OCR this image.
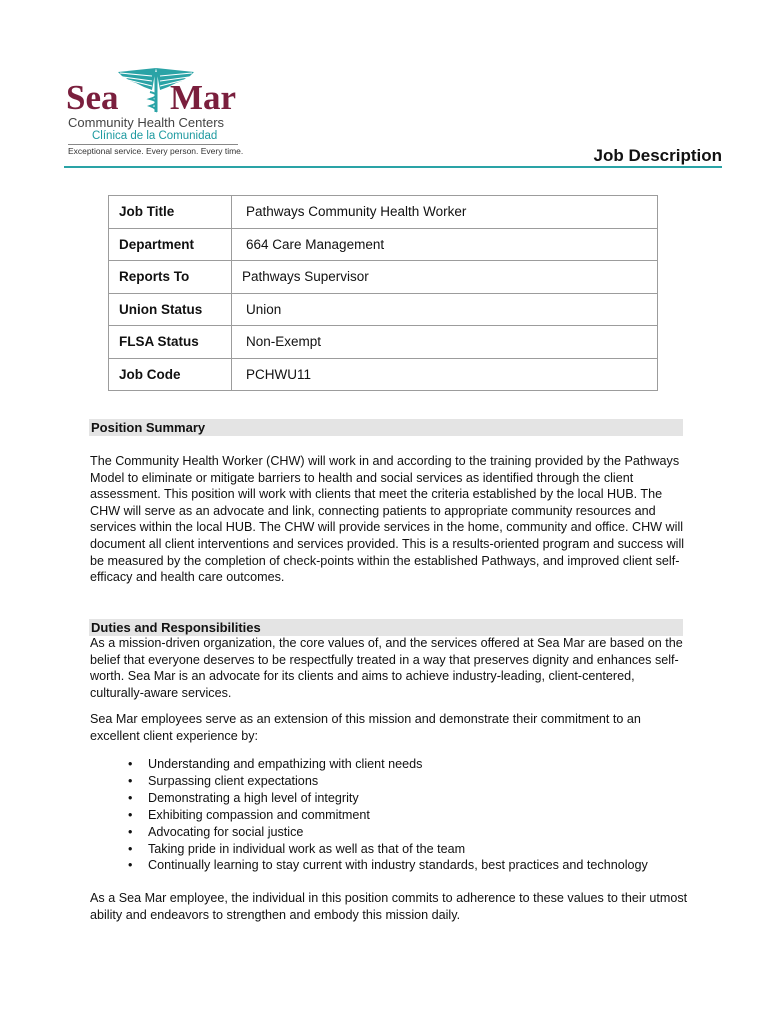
Sea Mar
Community Health Centers
Clínica de la Comunidad
Exceptional service. Every person. Every time.	Job Description
Job Title	Pathways Community Health Worker
Department	664 Care Management
Reports To	Pathways Supervisor
Union Status	Union
FLSA Status	Non-Exempt
Job Code	PCHWU11
Position Summary

The Community Health Worker (CHW) will work in and according to the training provided by the Pathways Model to eliminate or mitigate barriers to health and social services as identified through the client assessment. This position will work with clients that meet the criteria established by the local HUB. The CHW will serve as an advocate and link, connecting patients to appropriate community resources and services within the local HUB. The CHW will provide services in the home, community and office. CHW will document all client interventions and services provided. This is a results-oriented program and success will be measured by the completion of check-points within the established Pathways, and improved client self-efficacy and health care outcomes.

Duties and Responsibilities

As a mission-driven organization, the core values of, and the services offered at Sea Mar are based on the belief that everyone deserves to be respectfully treated in a way that preserves dignity and enhances self-worth. Sea Mar is an advocate for its clients and aims to achieve industry-leading, client-centered, culturally-aware services.

Sea Mar employees serve as an extension of this mission and demonstrate their commitment to an excellent client experience by:

• Understanding and empathizing with client needs
• Surpassing client expectations
• Demonstrating a high level of integrity
• Exhibiting compassion and commitment
• Advocating for social justice
• Taking pride in individual work as well as that of the team
• Continually learning to stay current with industry standards, best practices and technology

As a Sea Mar employee, the individual in this position commits to adherence to these values to their utmost ability and endeavors to strengthen and embody this mission daily.
